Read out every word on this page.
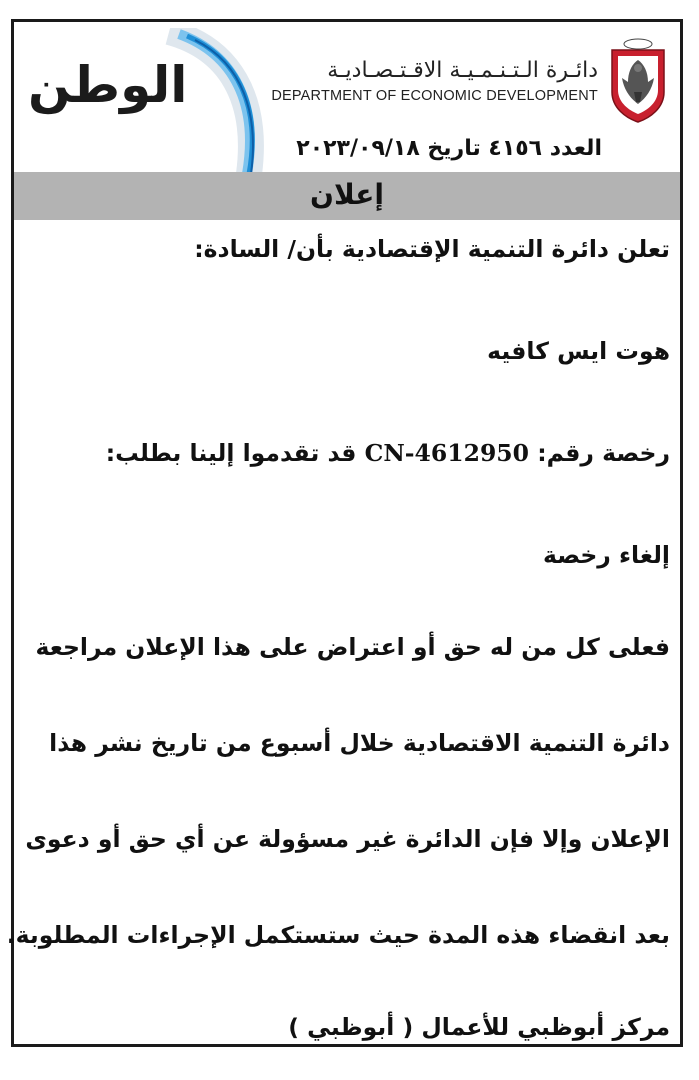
الوطن	دائـرة الـتـنـمـيـة الاقـتـصـاديـة
DEPARTMENT OF ECONOMIC DEVELOPMENT
العدد ٤١٥٦ تاريخ ٢٠٢٣/٠٩/١٨
إعلان
تعلن دائرة التنمية الإقتصادية بأن/ السادة:
هوت ايس كافيه
رخصة رقم: CN-4612950 قد تقدموا إلينا بطلب:
إلغاء رخصة
فعلى كل من له حق أو اعتراض على هذا الإعلان مراجعة
دائرة التنمية الاقتصادية خلال أسبوع من تاريخ نشر هذا
الإعلان وإلا فإن الدائرة غير مسؤولة عن أي حق أو دعوى
بعد انقضاء هذه المدة حيث ستستكمل الإجراءات المطلوبة.
مركز أبوظبي للأعمال ( أبوظبي )
